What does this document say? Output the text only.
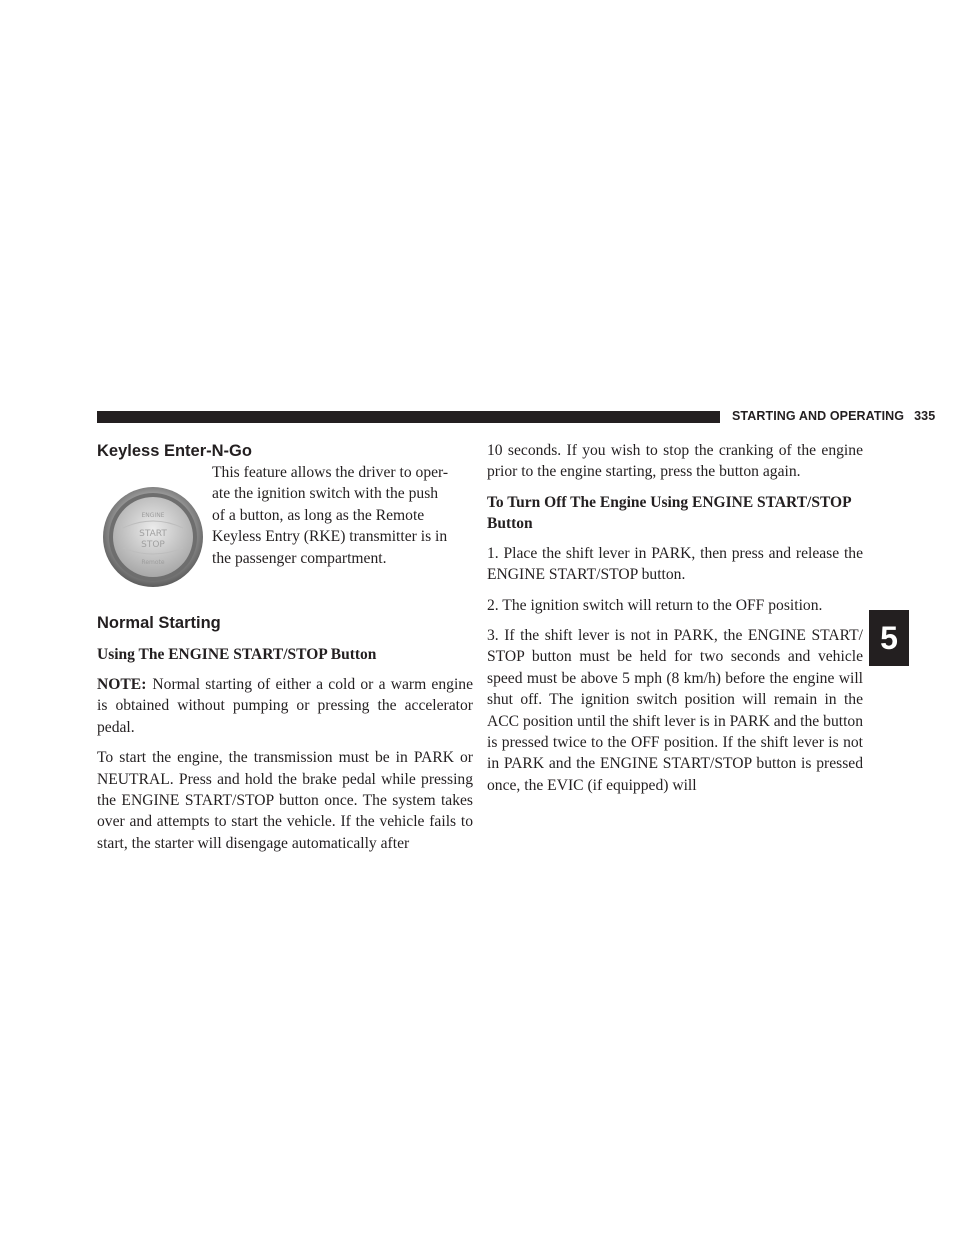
STARTING AND OPERATING 335
5
Keyless Enter-N-Go
ENGINE
START
STOP
Remote

This feature allows the driver to oper-
ate the ignition switch with the push
of a button, as long as the Remote
Keyless Entry (RKE) transmitter is in
the passenger compartment.

Normal Starting
Using The ENGINE START/STOP Button

NOTE: Normal starting of either a cold or a warm engine is obtained without pumping or pressing the accelerator pedal.

To start the engine, the transmission must be in PARK or NEUTRAL. Press and hold the brake pedal while pressing the ENGINE START/STOP button once. The system takes over and attempts to start the vehicle. If the vehicle fails to start, the starter will disengage automatically after

10 seconds. If you wish to stop the cranking of the engine prior to the engine starting, press the button again.

To Turn Off The Engine Using ENGINE START/STOP Button

1. Place the shift lever in PARK, then press and release the ENGINE START/STOP button.

2. The ignition switch will return to the OFF position.

3. If the shift lever is not in PARK, the ENGINE START/ STOP button must be held for two seconds and vehicle speed must be above 5 mph (8 km/h) before the engine will shut off. The ignition switch position will remain in the ACC position until the shift lever is in PARK and the button is pressed twice to the OFF position. If the shift lever is not in PARK and the ENGINE START/STOP button is pressed once, the EVIC (if equipped) will
